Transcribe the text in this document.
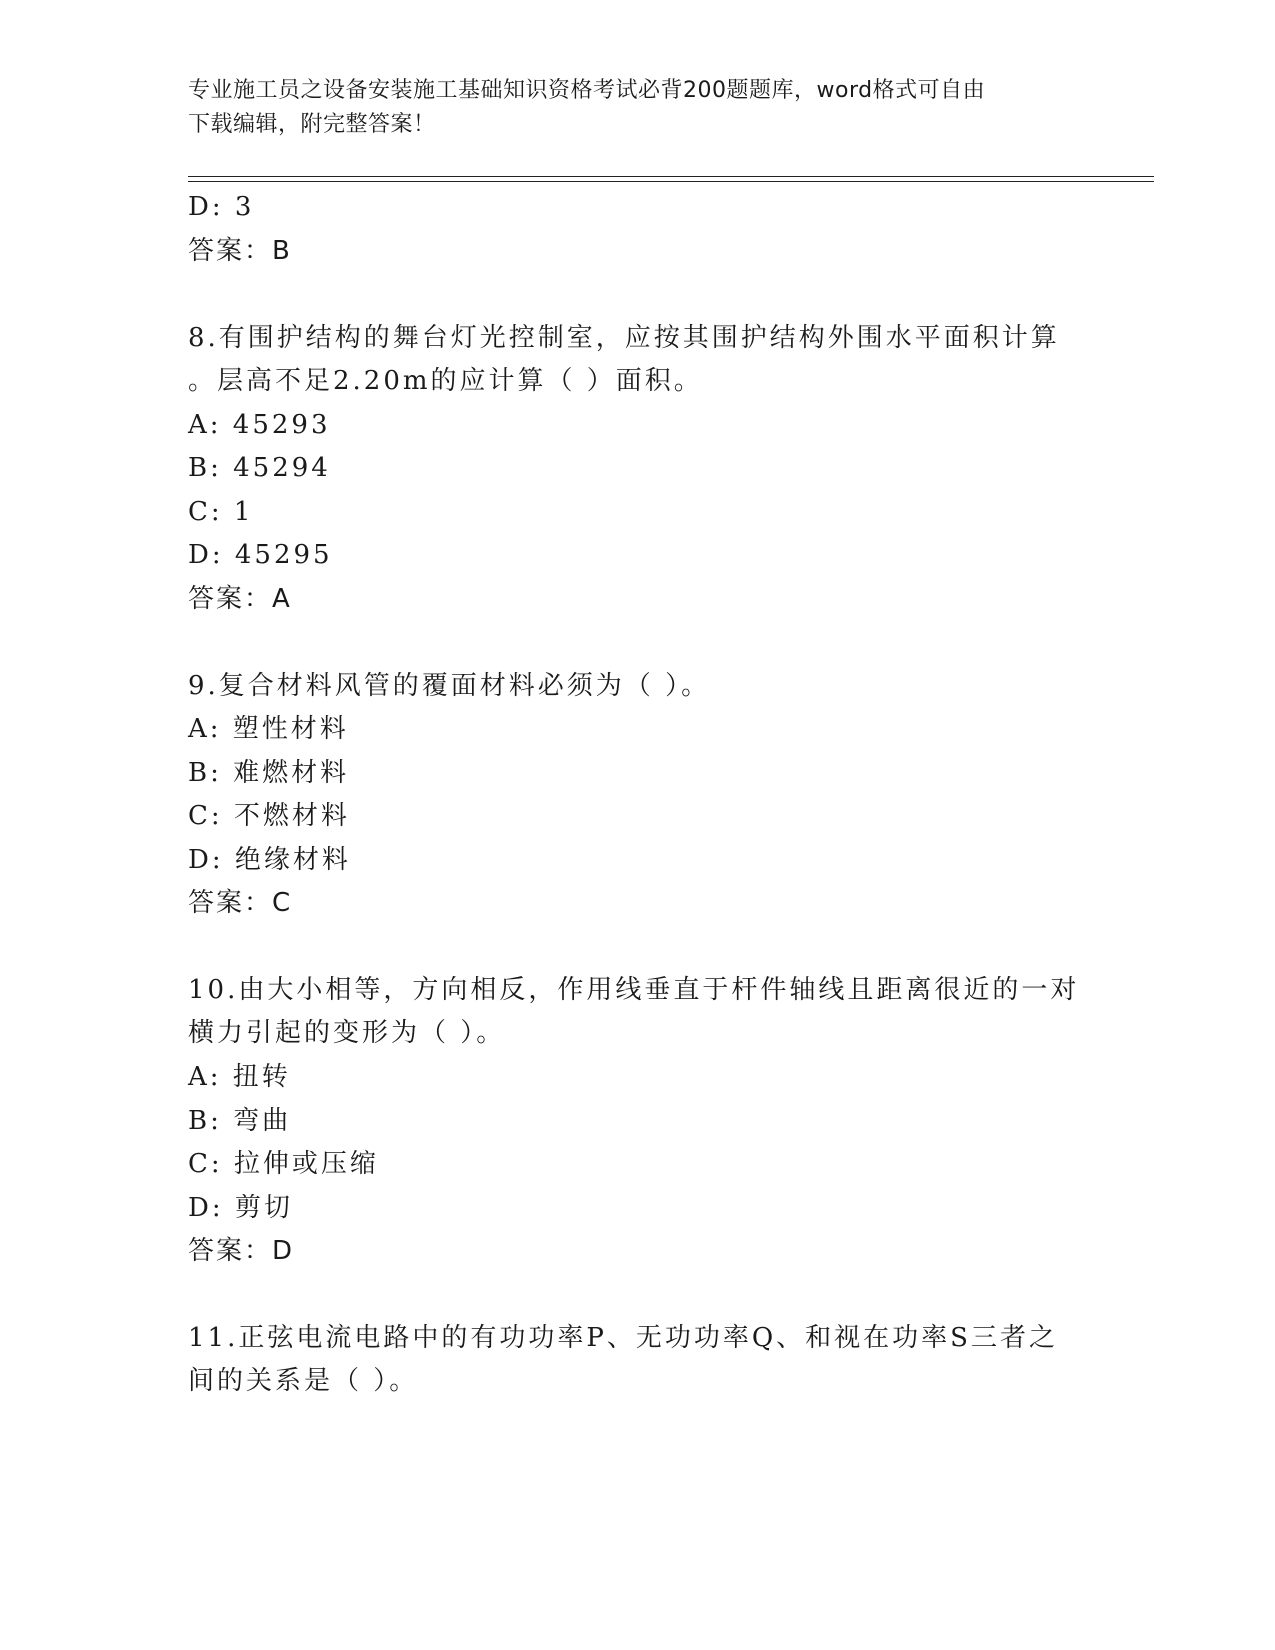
专业施工员之设备安装施工基础知识资格考试必背200题题库，word格式可自由
下载编辑，附完整答案！
D: 3
答案：B
8.有围护结构的舞台灯光控制室，应按其围护结构外围水平面积计算
。层高不足2.20m的应计算（ ）面积。
A: 45293
B: 45294
C: 1
D: 45295
答案：A
9.复合材料风管的覆面材料必须为（ ）。
A: 塑性材料
B: 难燃材料
C: 不燃材料
D: 绝缘材料
答案：C
10.由大小相等，方向相反，作用线垂直于杆件轴线且距离很近的一对
横力引起的变形为（ ）。
A: 扭转
B: 弯曲
C: 拉伸或压缩
D: 剪切
答案：D
11.正弦电流电路中的有功功率P、无功功率Q、和视在功率S三者之
间的关系是（ ）。
